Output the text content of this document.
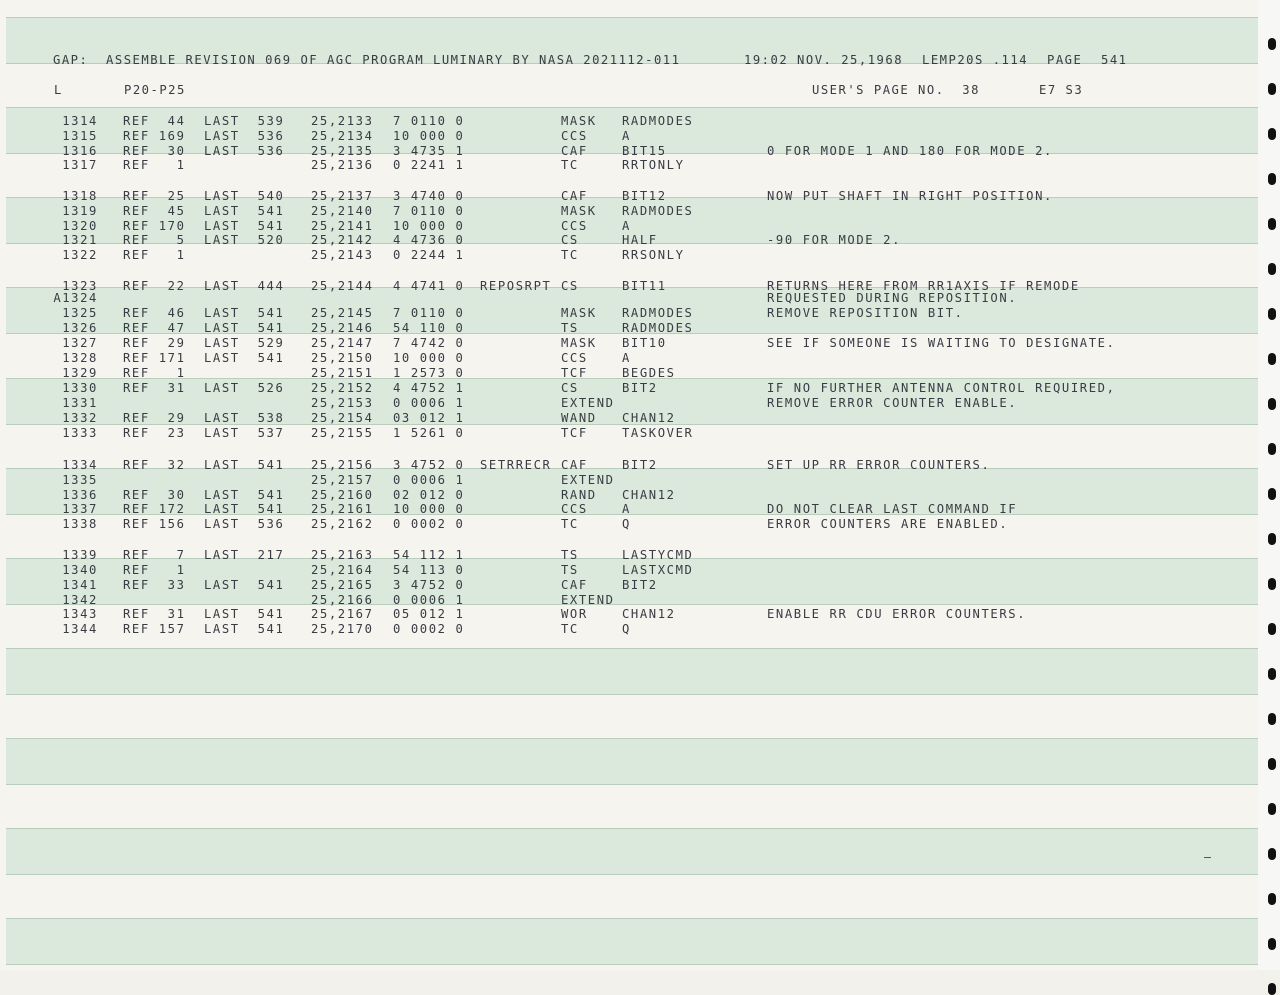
GAP:  ASSEMBLE REVISION 069 OF AGC PROGRAM LUMINARY BY NASA 2021112-011	19:02 NOV. 25,1968 LEMP20S .114 PAGE 541
L	P20-P25	USER'S PAGE NO.  38	E7 S3
1314 REF  44 LAST  539 25,2133 7 0110 0	MASK RADMODES
1315 REF 169 LAST  536 25,2134 10 000 0	CCS	A
1316 REF  30 LAST  536 25,2135 3 4735 1	CAF	BIT15	0 FOR MODE 1 AND 180 FOR MODE 2.
1317 REF   1	25,2136 0 2241 1	TC	RRTONLY
1318 REF  25 LAST  540 25,2137 3 4740 0	CAF	BIT12	NOW PUT SHAFT IN RIGHT POSITION.
1319 REF  45 LAST  541 25,2140 7 0110 0	MASK RADMODES
1320 REF 170 LAST  541 25,2141 10 000 0	CCS	A
1321 REF   5 LAST  520 25,2142 4 4736 0	CS	HALF	-90 FOR MODE 2.
1322 REF   1	25,2143 0 2244 1	TC	RRSONLY
1323 REF  22 LAST  444 25,2144 4 4741 0 REPOSRPT CS	BIT11	RETURNS HERE FROM RR1AXIS IF REMODE
A1324	REQUESTED DURING REPOSITION.
1325 REF  46 LAST  541 25,2145 7 0110 0	MASK RADMODES	REMOVE REPOSITION BIT.
1326 REF  47 LAST  541 25,2146 54 110 0	TS	RADMODES
1327 REF  29 LAST  529 25,2147 7 4742 0	MASK BIT10	SEE IF SOMEONE IS WAITING TO DESIGNATE.
1328 REF 171 LAST  541 25,2150 10 000 0	CCS	A
1329 REF   1	25,2151 1 2573 0	TCF	BEGDES
1330 REF  31 LAST  526 25,2152 4 4752 1	CS	BIT2	IF NO FURTHER ANTENNA CONTROL REQUIRED,
1331	25,2153 0 0006 1	EXTEND	REMOVE ERROR COUNTER ENABLE.
1332 REF  29 LAST  538 25,2154 03 012 1	WAND CHAN12
1333 REF  23 LAST  537 25,2155 1 5261 0	TCF	TASKOVER
1334 REF  32 LAST  541 25,2156 3 4752 0 SETRRECR CAF	BIT2	SET UP RR ERROR COUNTERS.
1335	25,2157 0 0006 1	EXTEND
1336 REF  30 LAST  541 25,2160 02 012 0	RAND CHAN12
1337 REF 172 LAST  541 25,2161 10 000 0	CCS	A	DO NOT CLEAR LAST COMMAND IF
1338 REF 156 LAST  536 25,2162 0 0002 0	TC	Q	ERROR COUNTERS ARE ENABLED.
1339 REF   7 LAST  217 25,2163 54 112 1	TS	LASTYCMD
1340 REF   1	25,2164 54 113 0	TS	LASTXCMD
1341 REF  33 LAST  541 25,2165 3 4752 0	CAF	BIT2
1342	25,2166 0 0006 1	EXTEND
1343 REF  31 LAST  541 25,2167 05 012 1	WOR	CHAN12	ENABLE RR CDU ERROR COUNTERS.
1344 REF 157 LAST  541 25,2170 0 0002 0	TC	Q
